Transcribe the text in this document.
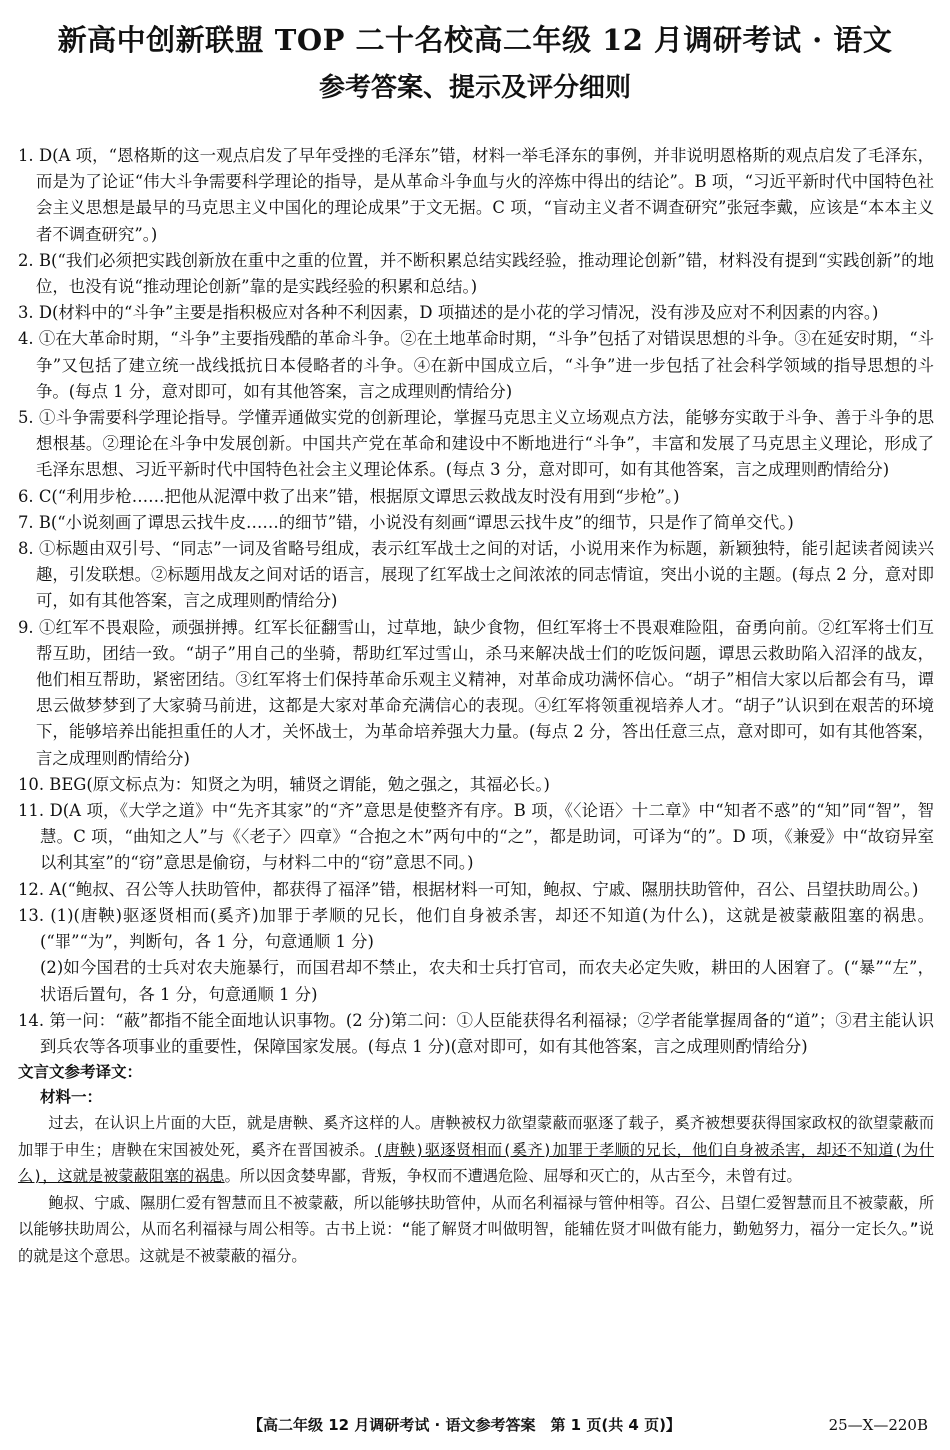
新高中创新联盟 TOP 二十名校高二年级 12 月调研考试 · 语文
参考答案、提示及评分细则

1. D(A 项，“恩格斯的这一观点启发了早年受挫的毛泽东”错，材料一举毛泽东的事例，并非说明恩格斯的观点启发了毛泽东，而是为了论证“伟大斗争需要科学理论的指导，是从革命斗争血与火的淬炼中得出的结论”。B 项，“习近平新时代中国特色社会主义思想是最早的马克思主义中国化的理论成果”于文无据。C 项，“盲动主义者不调查研究”张冠李戴，应该是“本本主义者不调查研究”。)

2. B(“我们必须把实践创新放在重中之重的位置，并不断积累总结实践经验，推动理论创新”错，材料没有提到“实践创新”的地位，也没有说“推动理论创新”靠的是实践经验的积累和总结。)

3. D(材料中的“斗争”主要是指积极应对各种不利因素，D 项描述的是小花的学习情况，没有涉及应对不利因素的内容。)

4. ①在大革命时期，“斗争”主要指残酷的革命斗争。②在土地革命时期，“斗争”包括了对错误思想的斗争。③在延安时期，“斗争”又包括了建立统一战线抵抗日本侵略者的斗争。④在新中国成立后，“斗争”进一步包括了社会科学领域的指导思想的斗争。(每点 1 分，意对即可，如有其他答案，言之成理则酌情给分)

5. ①斗争需要科学理论指导。学懂弄通做实党的创新理论，掌握马克思主义立场观点方法，能够夯实敢于斗争、善于斗争的思想根基。②理论在斗争中发展创新。中国共产党在革命和建设中不断地进行“斗争”，丰富和发展了马克思主义理论，形成了毛泽东思想、习近平新时代中国特色社会主义理论体系。(每点 3 分，意对即可，如有其他答案，言之成理则酌情给分)

6. C(“利用步枪……把他从泥潭中救了出来”错，根据原文谭思云救战友时没有用到“步枪”。)

7. B(“小说刻画了谭思云找牛皮……的细节”错，小说没有刻画“谭思云找牛皮”的细节，只是作了简单交代。)

8. ①标题由双引号、“同志”一词及省略号组成，表示红军战士之间的对话，小说用来作为标题，新颖独特，能引起读者阅读兴趣，引发联想。②标题用战友之间对话的语言，展现了红军战士之间浓浓的同志情谊，突出小说的主题。(每点 2 分，意对即可，如有其他答案，言之成理则酌情给分)

9. ①红军不畏艰险，顽强拼搏。红军长征翻雪山，过草地，缺少食物，但红军将士不畏艰难险阻，奋勇向前。②红军将士们互帮互助，团结一致。“胡子”用自己的坐骑，帮助红军过雪山，杀马来解决战士们的吃饭问题，谭思云救助陷入沼泽的战友，他们相互帮助，紧密团结。③红军将士们保持革命乐观主义精神，对革命成功满怀信心。“胡子”相信大家以后都会有马，谭思云做梦梦到了大家骑马前进，这都是大家对革命充满信心的表现。④红军将领重视培养人才。“胡子”认识到在艰苦的环境下，能够培养出能担重任的人才，关怀战士，为革命培养强大力量。(每点 2 分，答出任意三点，意对即可，如有其他答案，言之成理则酌情给分)

10. BEG(原文标点为：知贤之为明，辅贤之谓能，勉之强之，其福必长。)

11. D(A 项，《大学之道》中“先齐其家”的“齐”意思是使整齐有序。B 项，《〈论语〉十二章》中“知者不惑”的“知”同“智”，智慧。C 项，“曲知之人”与《〈老子〉四章》“合抱之木”两句中的“之”，都是助词，可译为“的”。D 项，《兼爱》中“故窃异室以利其室”的“窃”意思是偷窃，与材料二中的“窃”意思不同。)

12. A(“鲍叔、召公等人扶助管仲，都获得了福泽”错，根据材料一可知，鲍叔、宁戚、隰朋扶助管仲，召公、吕望扶助周公。)

13. (1)(唐鞅)驱逐贤相而(奚齐)加罪于孝顺的兄长，他们自身被杀害，却还不知道(为什么)，这就是被蒙蔽阻塞的祸患。(“罪”“为”，判断句，各 1 分，句意通顺 1 分)

(2)如今国君的士兵对农夫施暴行，而国君却不禁止，农夫和士兵打官司，而农夫必定失败，耕田的人困窘了。(“暴”“左”，状语后置句，各 1 分，句意通顺 1 分)

14. 第一问：“蔽”都指不能全面地认识事物。(2 分)第二问：①人臣能获得名利福禄；②学者能掌握周备的“道”；③君主能认识到兵农等各项事业的重要性，保障国家发展。(每点 1 分)(意对即可，如有其他答案，言之成理则酌情给分)

文言文参考译文：

材料一：

过去，在认识上片面的大臣，就是唐鞅、奚齐这样的人。唐鞅被权力欲望蒙蔽而驱逐了载子，奚齐被想要获得国家政权的欲望蒙蔽而加罪于申生；唐鞅在宋国被处死，奚齐在晋国被杀。(唐鞅)驱逐贤相而(奚齐)加罪于孝顺的兄长，他们自身被杀害，却还不知道(为什么)，这就是被蒙蔽阻塞的祸患。所以因贪婪卑鄙，背叛，争权而不遭遇危险、屈辱和灭亡的，从古至今，未曾有过。

鲍叔、宁戚、隰朋仁爱有智慧而且不被蒙蔽，所以能够扶助管仲，从而名利福禄与管仲相等。召公、吕望仁爱智慧而且不被蒙蔽，所以能够扶助周公，从而名利福禄与周公相等。古书上说：“能了解贤才叫做明智，能辅佐贤才叫做有能力，勤勉努力，福分一定长久。”说的就是这个意思。这就是不被蒙蔽的福分。

【高二年级 12 月调研考试 · 语文参考答案　第 1 页(共 4 页)】	25—X—220B
